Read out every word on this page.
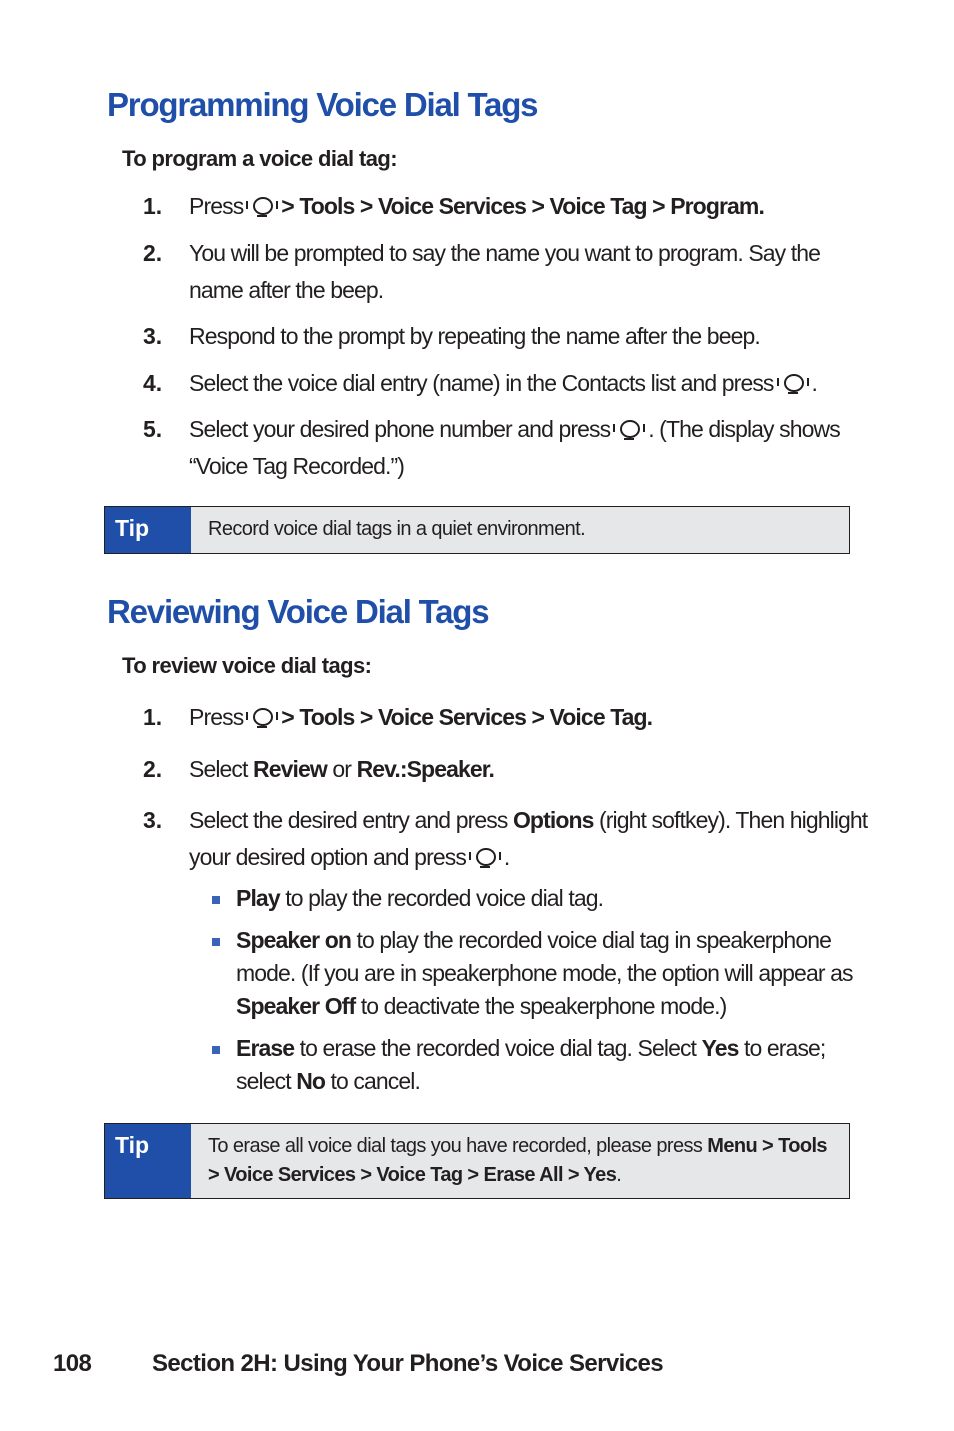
Programming Voice Dial Tags
To program a voice dial tag:
1.	Press > Tools > Voice Services > Voice Tag > Program.
2.	You will be prompted to say the name you want to program. Say the name after the beep.
3.	Respond to the prompt by repeating the name after the beep.
4.	Select the voice dial entry (name) in the Contacts list and press .
5.	Select your desired phone number and press . (The display shows “Voice Tag Recorded.”)
Tip	Record voice dial tags in a quiet environment.
Reviewing Voice Dial Tags
To review voice dial tags:
1.	Press > Tools > Voice Services > Voice Tag.
2.	Select Review or Rev.:Speaker.
3.	Select the desired entry and press Options (right softkey). Then highlight your desired option and press .
Play to play the recorded voice dial tag.
Speaker on to play the recorded voice dial tag in speakerphone mode. (If you are in speakerphone mode, the option will appear as Speaker Off to deactivate the speakerphone mode.)
Erase to erase the recorded voice dial tag. Select Yes to erase; select No to cancel.
Tip	To erase all voice dial tags you have recorded, please press Menu > Tools > Voice Services > Voice Tag > Erase All > Yes.
108	Section 2H: Using Your Phone’s Voice Services
